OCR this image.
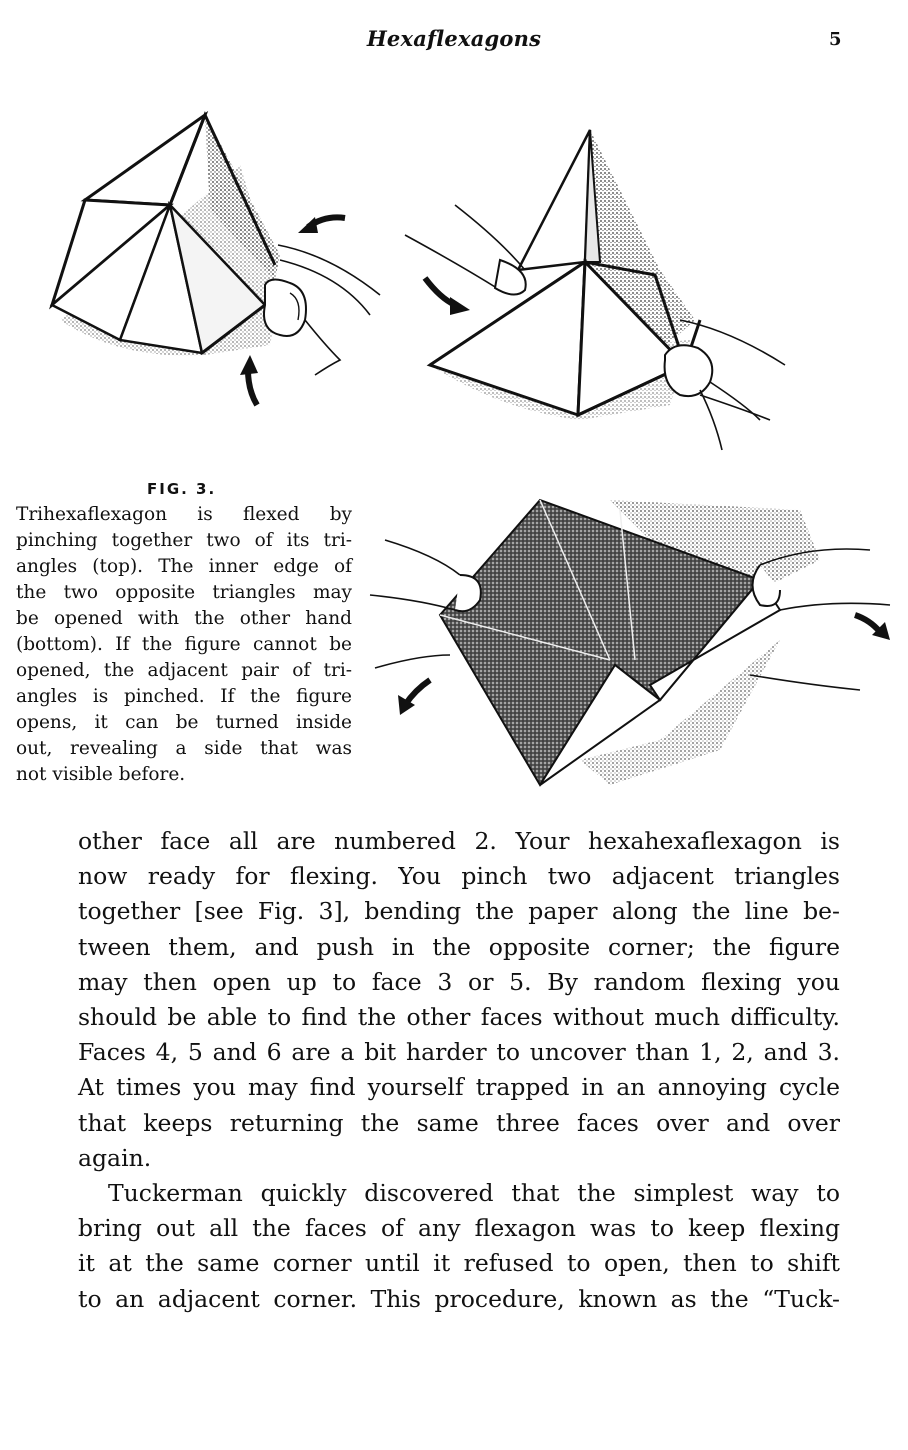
Hexaflexagons	5
FIG. 3.
Trihexaflexagon is flexed by
pinching together two of its tri-
angles (top). The inner edge of
the two opposite triangles may
be opened with the other hand
(bottom). If the figure cannot be
opened, the adjacent pair of tri-
angles is pinched. If the figure
opens, it can be turned inside
out, revealing a side that was
not visible before.
other face all are numbered 2. Your hexahexaflexagon is
now ready for flexing. You pinch two adjacent triangles
together [see Fig. 3], bending the paper along the line be-
tween them, and push in the opposite corner; the figure
may then open up to face 3 or 5. By random flexing you
should be able to find the other faces without much difficulty.
Faces 4, 5 and 6 are a bit harder to uncover than 1, 2, and 3.
At times you may find yourself trapped in an annoying cycle
that keeps returning the same three faces over and over
again.
Tuckerman quickly discovered that the simplest way to
bring out all the faces of any flexagon was to keep flexing
it at the same corner until it refused to open, then to shift
to an adjacent corner. This procedure, known as the “Tuck-
